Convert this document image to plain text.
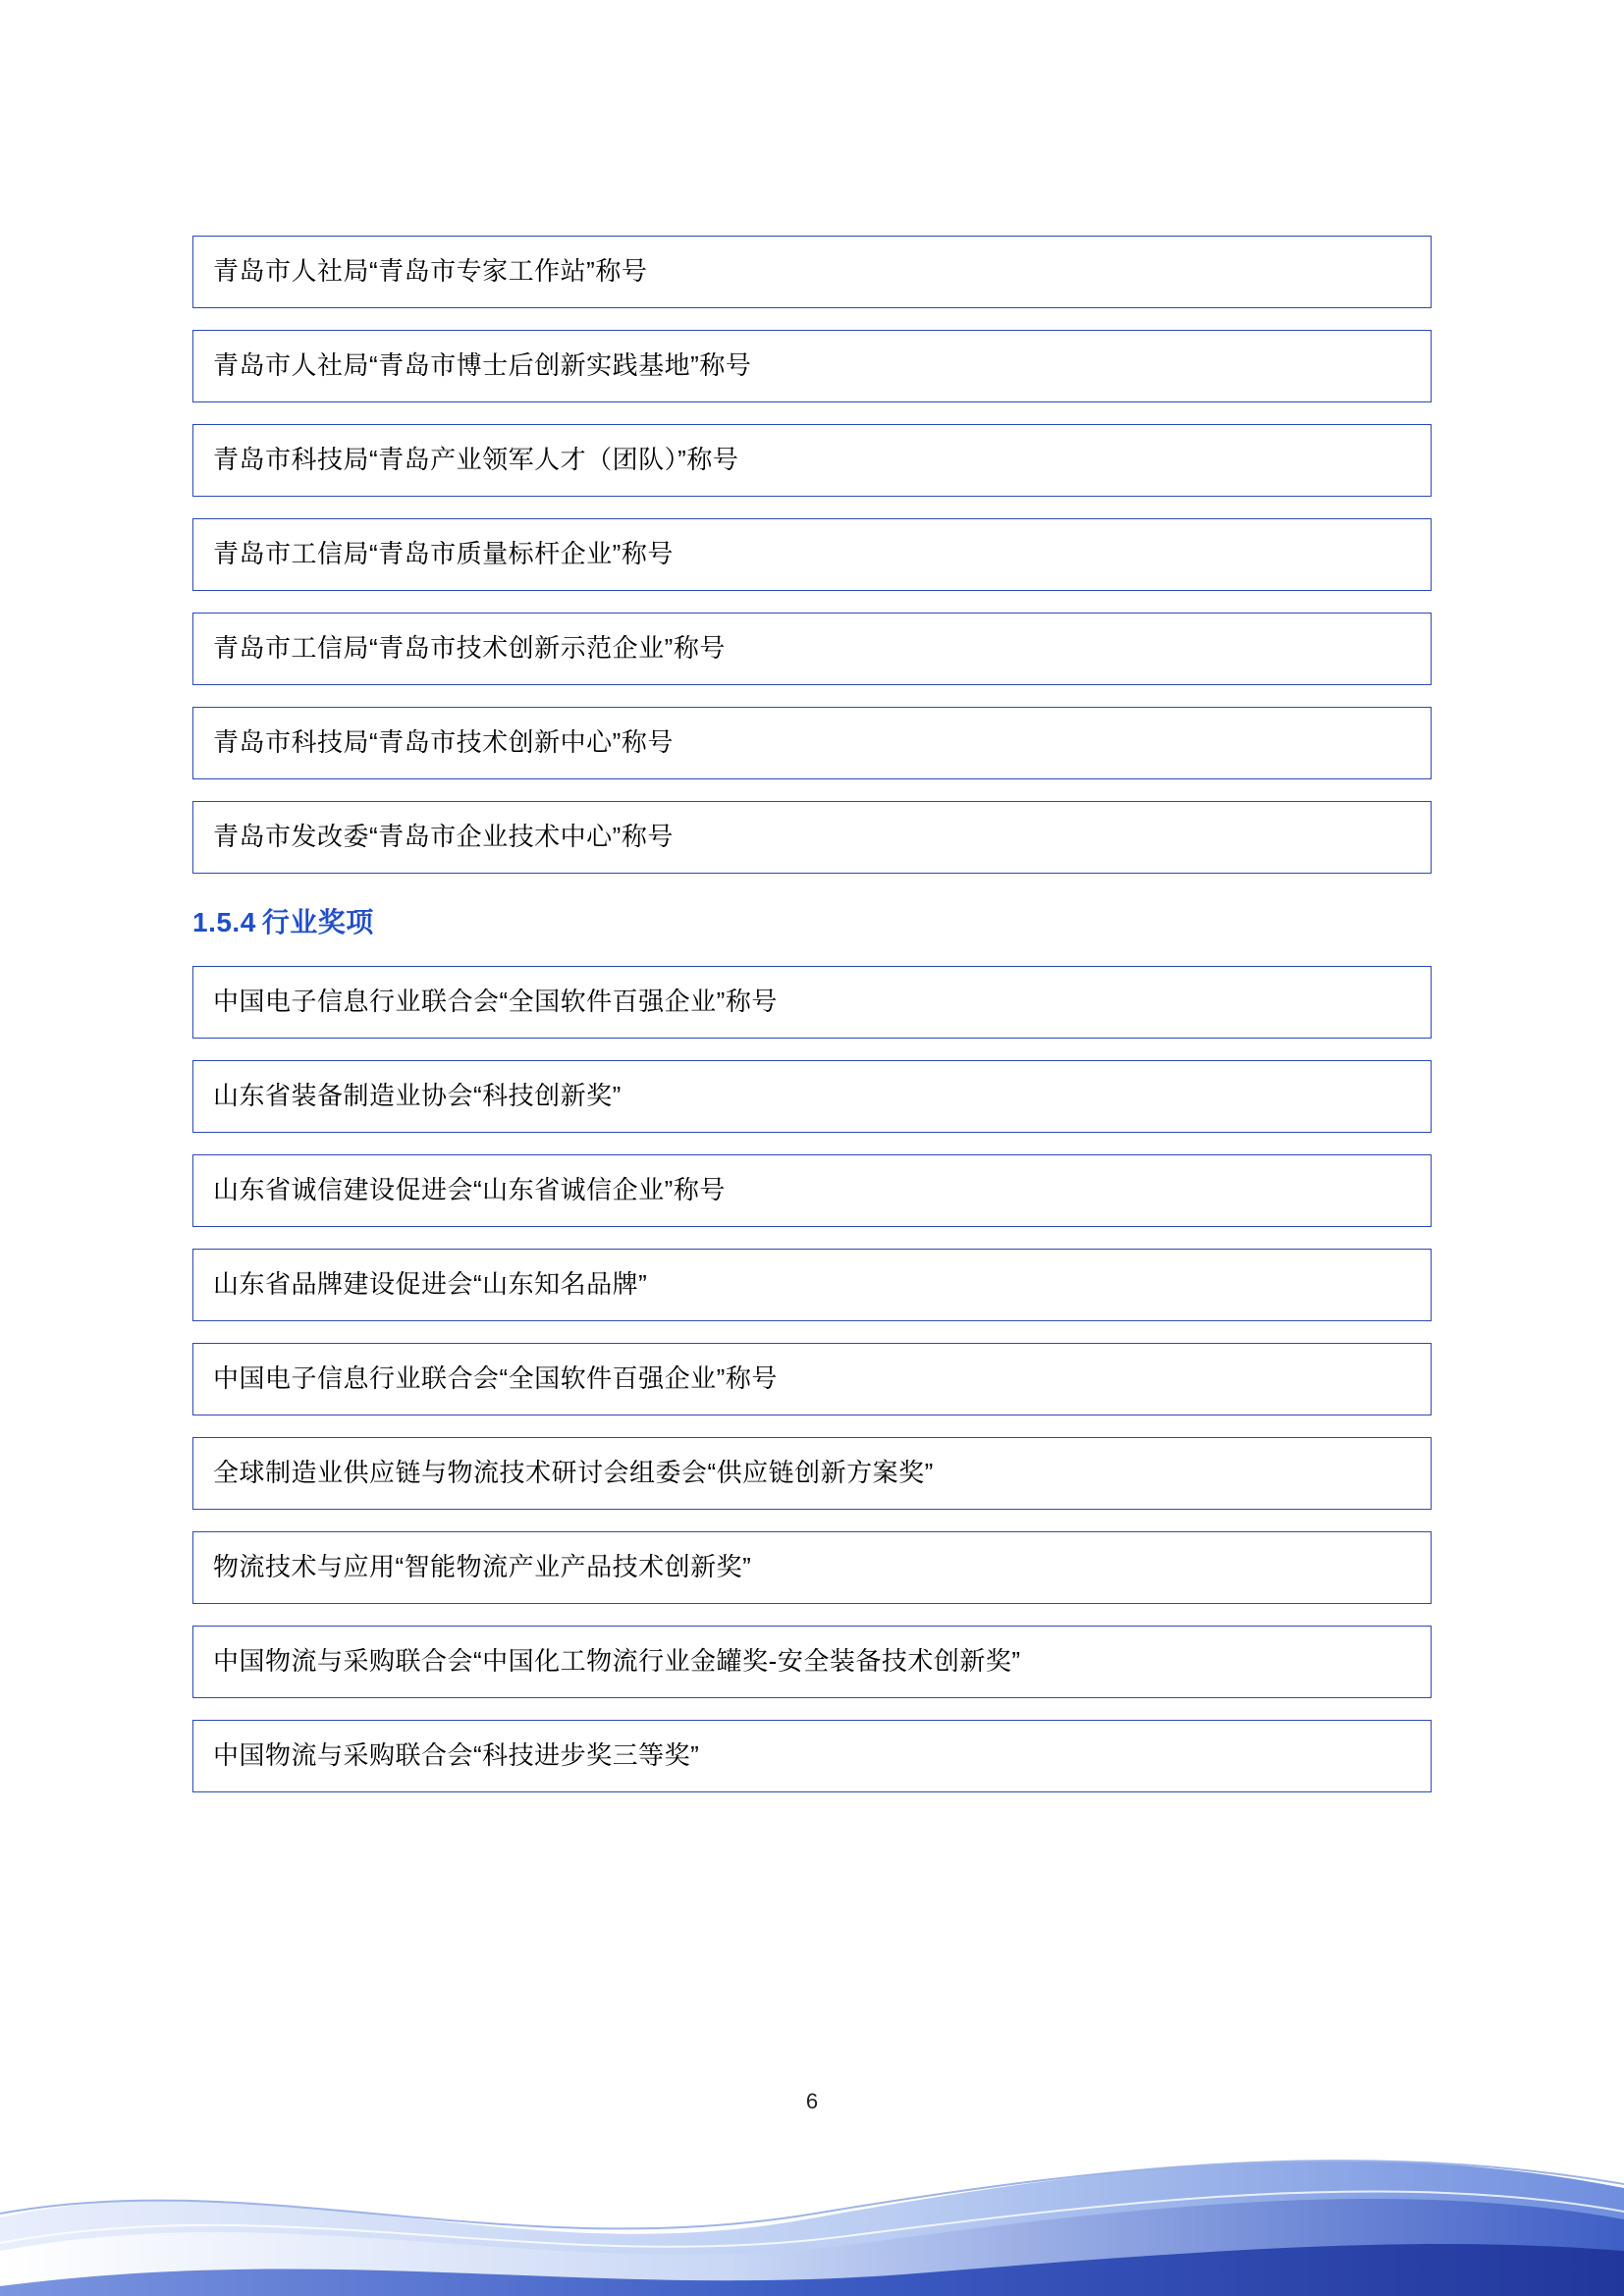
青岛市人社局“青岛市专家工作站”称号
青岛市人社局“青岛市博士后创新实践基地”称号
青岛市科技局“青岛产业领军人才（团队）”称号
青岛市工信局“青岛市质量标杆企业”称号
青岛市工信局“青岛市技术创新示范企业”称号
青岛市科技局“青岛市技术创新中心”称号
青岛市发改委“青岛市企业技术中心”称号
1.5.4 行业奖项
中国电子信息行业联合会“全国软件百强企业”称号
山东省装备制造业协会“科技创新奖”
山东省诚信建设促进会“山东省诚信企业”称号
山东省品牌建设促进会“山东知名品牌”
中国电子信息行业联合会“全国软件百强企业”称号
全球制造业供应链与物流技术研讨会组委会“供应链创新方案奖”
物流技术与应用“智能物流产业产品技术创新奖”
中国物流与采购联合会“中国化工物流行业金罐奖-安全装备技术创新奖”
中国物流与采购联合会“科技进步奖三等奖”
6
